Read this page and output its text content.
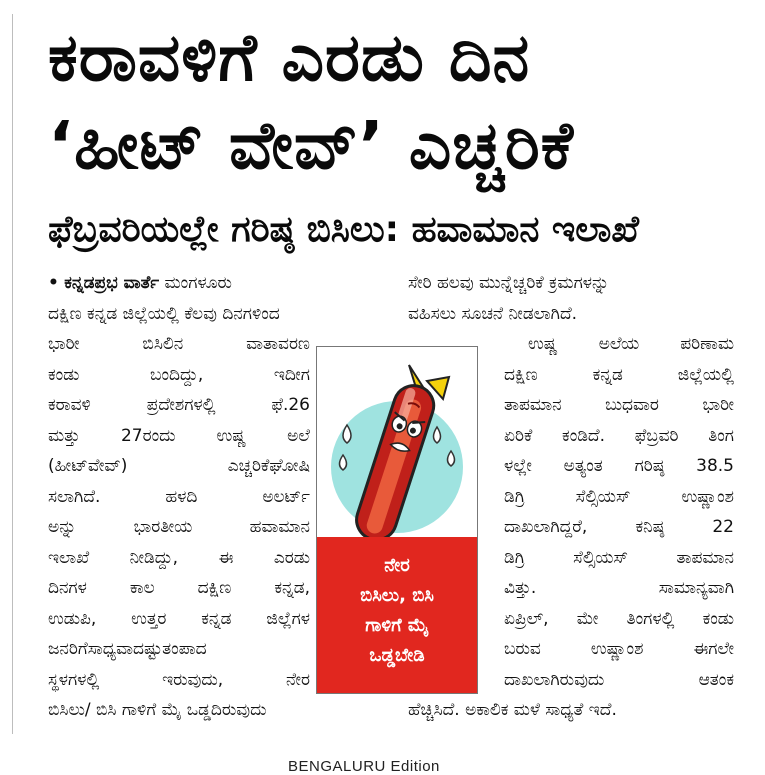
ಕರಾವಳಿಗೆ ಎರಡು ದಿನ
‘ಹೀಟ್‌ ವೇವ್‌’ ಎಚ್ಚರಿಕೆ
ಫೆಬ್ರವರಿಯಲ್ಲೇ ಗರಿಷ್ಠ ಬಿಸಿಲು: ಹವಾಮಾನ ಇಲಾಖೆ
• ಕನ್ನಡಪ್ರಭ ವಾರ್ತೆ ಮಂಗಳೂರು
ದಕ್ಷಿಣ ಕನ್ನಡ ಜಿಲ್ಲೆಯಲ್ಲಿ ಕೆಲವು ದಿನಗಳಿಂದ
ಭಾರೀ ಬಿಸಿಲಿನ ವಾತಾವರಣ
ಕಂಡು ಬಂದಿದ್ದು, ಇದೀಗ
ಕರಾವಳಿ ಪ್ರದೇಶಗಳಲ್ಲಿ ಫೆ.26
ಮತ್ತು 27ರಂದು ಉಷ್ಣ ಅಲೆ
(ಹೀಟ್‌ವೇವ್) ಎಚ್ಚರಿಕೆಘೋಷಿ
ಸಲಾಗಿದೆ. ಹಳದಿ ಅಲರ್ಟ್
ಅನ್ನು ಭಾರತೀಯ ಹವಾಮಾನ
ಇಲಾಖೆ ನೀಡಿದ್ದು, ಈ ಎರಡು
ದಿನಗಳ ಕಾಲ ದಕ್ಷಿಣ ಕನ್ನಡ,
ಉಡುಪಿ, ಉತ್ತರ ಕನ್ನಡ ಜಿಲ್ಲೆಗಳ
ಜನರಿಗೆಸಾಧ್ಯವಾದಷ್ಟುತಂಪಾದ
ಸ್ಥಳಗಳಲ್ಲಿ ಇರುವುದು, ನೇರ
ಬಿಸಿಲು/ ಬಿಸಿ ಗಾಳಿಗೆ ಮೈ ಒಡ್ಡದಿರುವುದು
ಸೇರಿ ಹಲವು ಮುನ್ನೆಚ್ಚರಿಕೆ ಕ್ರಮಗಳನ್ನು
ವಹಿಸಲು ಸೂಚನೆ ನೀಡಲಾಗಿದೆ.
ಉಷ್ಣ ಅಲೆಯ ಪರಿಣಾಮ
ದಕ್ಷಿಣ ಕನ್ನಡ ಜಿಲ್ಲೆಯಲ್ಲಿ
ತಾಪಮಾನ ಬುಧವಾರ ಭಾರೀ
ಏರಿಕೆ ಕಂಡಿದೆ. ಫೆಬ್ರವರಿ ತಿಂಗ
ಳಲ್ಲೇ ಅತ್ಯಂತ ಗರಿಷ್ಠ 38.5
ಡಿಗ್ರಿ ಸೆಲ್ಸಿಯಸ್ ಉಷ್ಣಾಂಶ
ದಾಖಲಾಗಿದ್ದರೆ, ಕನಿಷ್ಠ 22
ಡಿಗ್ರಿ ಸೆಲ್ಸಿಯಸ್ ತಾಪಮಾನ
ವಿತ್ತು. ಸಾಮಾನ್ಯವಾಗಿ
ಏಪ್ರಿಲ್, ಮೇ ತಿಂಗಳಲ್ಲಿ ಕಂಡು
ಬರುವ ಉಷ್ಣಾಂಶ ಈಗಲೇ
ದಾಖಲಾಗಿರುವುದು ಆತಂಕ
ಹೆಚ್ಚಿಸಿದೆ. ಅಕಾಲಿಕ ಮಳೆ ಸಾಧ್ಯತೆ ಇದೆ.
ನೇರ
ಬಿಸಿಲು, ಬಿಸಿ
ಗಾಳಿಗೆ ಮೈ
ಒಡ್ಡಬೇಡಿ
BENGALURU Edition
